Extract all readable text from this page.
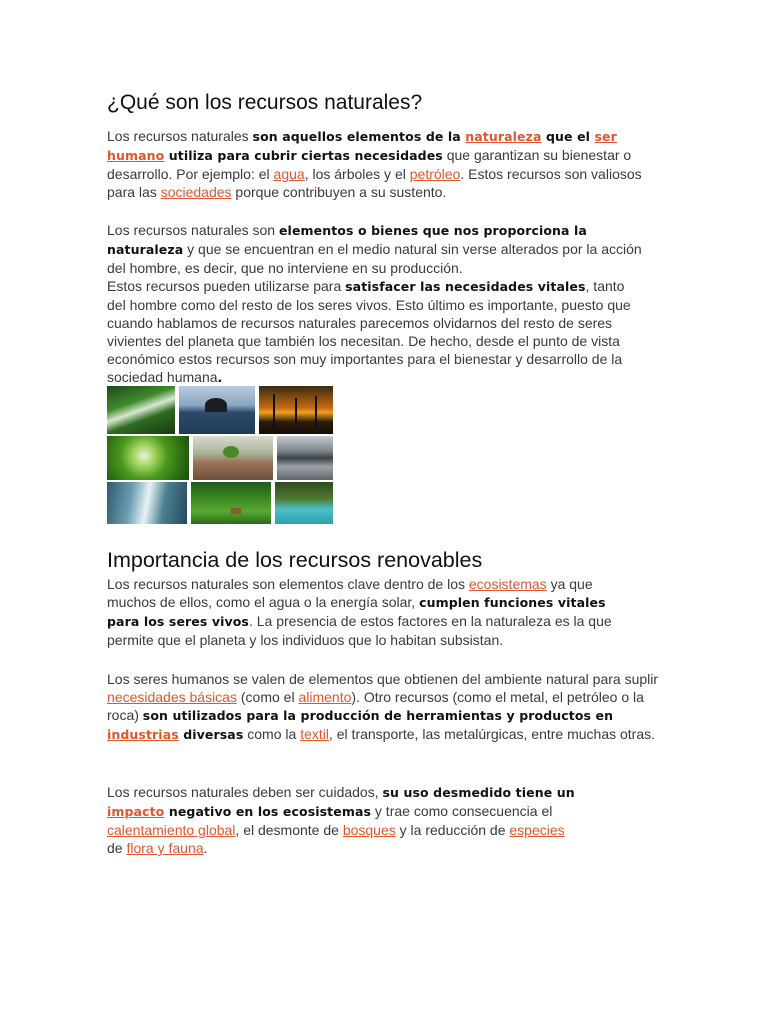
¿Qué son los recursos naturales?

Los recursos naturales son aquellos elementos de la naturaleza que el ser humano utiliza para cubrir ciertas necesidades que garantizan su bienestar o desarrollo. Por ejemplo: el agua, los árboles y el petróleo. Estos recursos son valiosos para las sociedades porque contribuyen a su sustento.

Los recursos naturales son elementos o bienes que nos proporciona la naturaleza y que se encuentran en el medio natural sin verse alterados por la acción del hombre, es decir, que no interviene en su producción.
Estos recursos pueden utilizarse para satisfacer las necesidades vitales, tanto del hombre como del resto de los seres vivos. Esto último es importante, puesto que cuando hablamos de recursos naturales parecemos olvidarnos del resto de seres vivientes del planeta que también los necesitan. De hecho, desde el punto de vista económico estos recursos son muy importantes para el bienestar y desarrollo de la sociedad humana.

Importancia de los recursos renovables

Los recursos naturales son elementos clave dentro de los ecosistemas ya que muchos de ellos, como el agua o la energía solar, cumplen funciones vitales para los seres vivos. La presencia de estos factores en la naturaleza es la que permite que el planeta y los individuos que lo habitan subsistan.

Los seres humanos se valen de elementos que obtienen del ambiente natural para suplir necesidades básicas (como el alimento). Otro recursos (como el metal, el petróleo o la roca) son utilizados para la producción de herramientas y productos en industrias diversas como la textil, el transporte, las metalúrgicas, entre muchas otras.

Los recursos naturales deben ser cuidados, su uso desmedido tiene un impacto negativo en los ecosistemas y trae como consecuencia el calentamiento global, el desmonte de bosques y la reducción de especies de flora y fauna.
